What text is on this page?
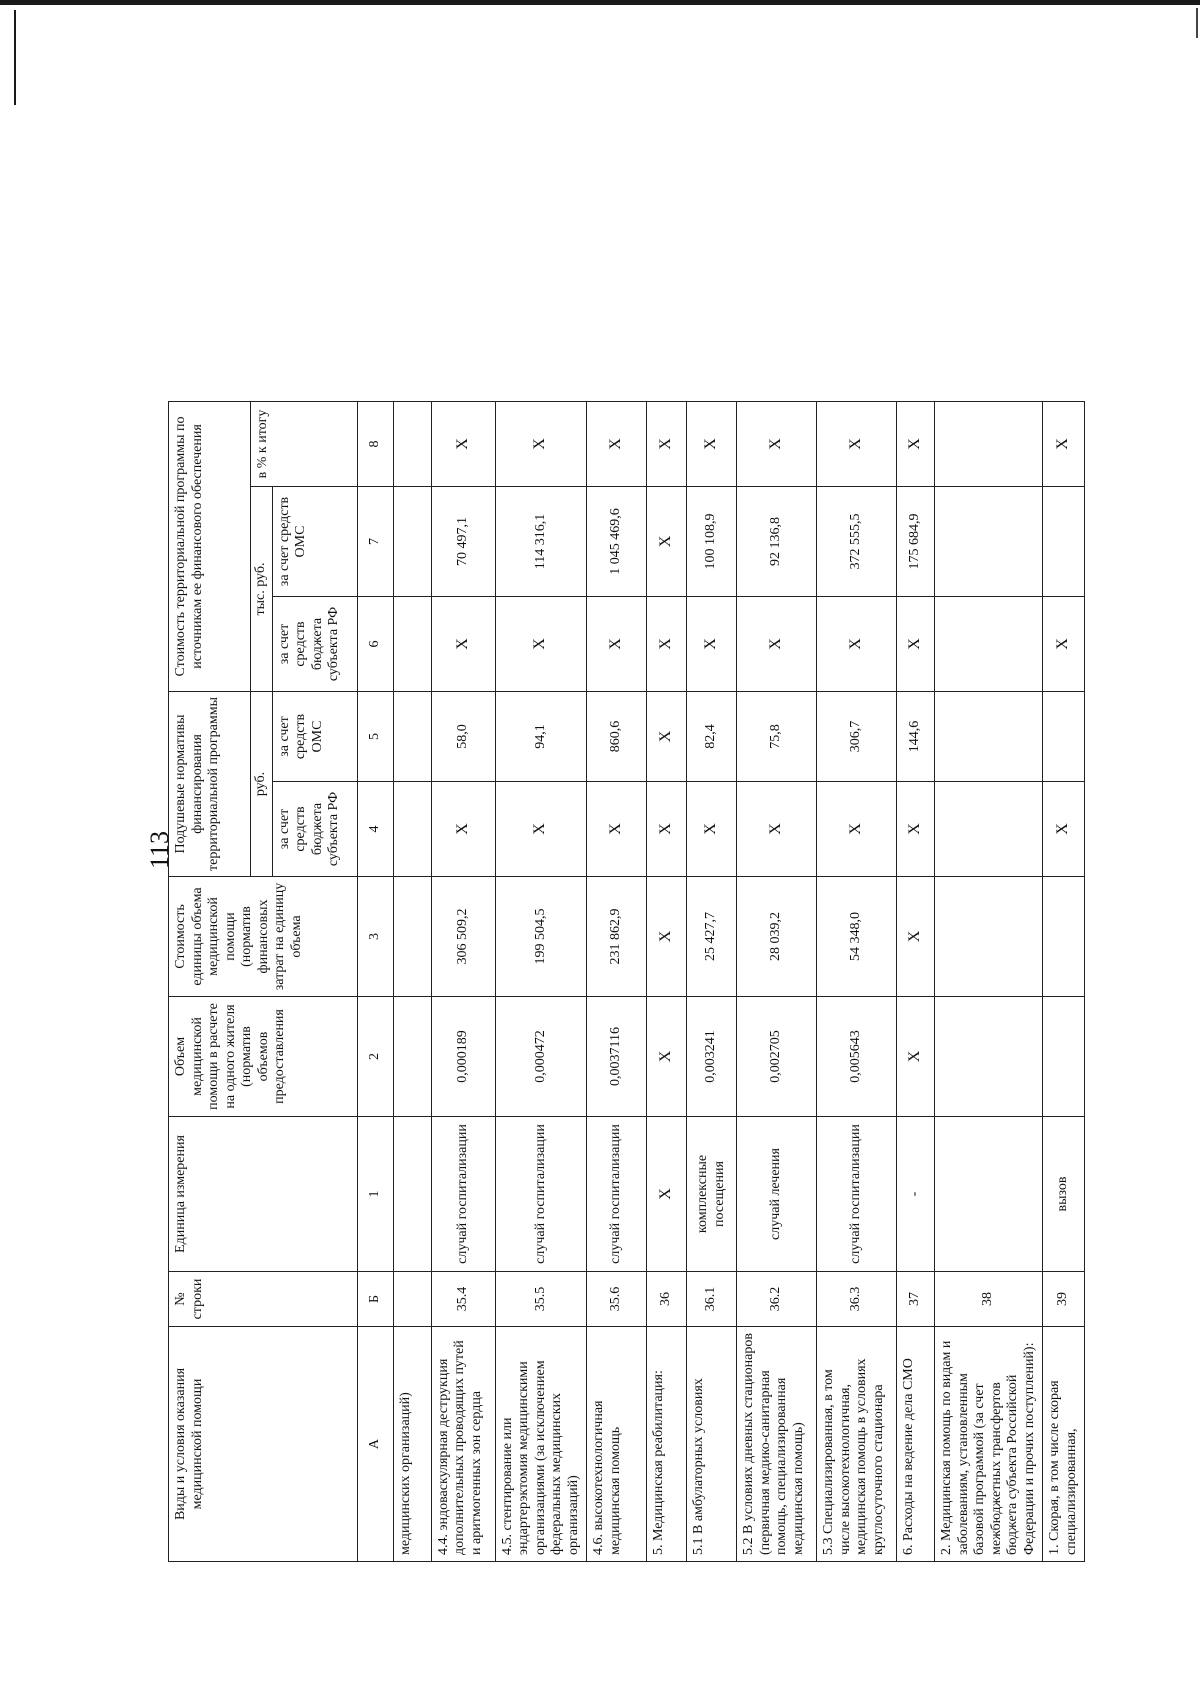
113
Виды и условия оказания медицинской помощи	№ строки	Единица измерения	Объем медицинской помощи в расчете на одного жителя (норматив объемов предоставления	Стоимость единицы объема медицинской помощи (норматив финансовых затрат на единицу объема	Подушевые нормативы финансирования территориальной программы		Стоимость территориальной программы по источникам ее финансового обеспечения			
					руб.		тыс. руб.		в % к итогу	
					за счет средств бюджета субъекта РФ	за счет средств ОМС	за счет средств бюджета субъекта РФ	за счет средств ОМС		
А	Б	1	2	3	4	5	6	7	8	
медицинских организаций)										
4.4. эндоваскулярная деструкция дополнительных проводящих путей и аритмогенных зон сердца	35.4	случай госпитализации	0,000189	306 509,2	X	58,0	X	70 497,1	X	
4.5. стентирование или эндартерэктомия медицинскими организациями (за исключением федеральных медицинских организаций)	35.5	случай госпитализации	0,000472	199 504,5	X	94,1	X	114 316,1	X	
4.6. высокотехнологичная медицинская помощь	35.6	случай госпитализации	0,0037116	231 862,9	X	860,6	X	1 045 469,6	X	
5. Медицинская реабилитация:	36	X	X	X	X	X	X	X	X	
5.1 В амбулаторных условиях	36.1	комплексные посещения	0,003241	25 427,7	X	82,4	X	100 108,9	X	
5.2 В условиях дневных стационаров (первичная медико-санитарная помощь, специализированная медицинская помощь)	36.2	случай лечения	0,002705	28 039,2	X	75,8	X	92 136,8	X	
5.3 Специализированная, в том числе высокотехнологичная, медицинская помощь в условиях круглосуточного стационара	36.3	случай госпитализации	0,005643	54 348,0	X	306,7	X	372 555,5	X	
6. Расходы на ведение дела СМО	37	-	X	X	X	144,6	X	175 684,9	X	
2. Медицинская помощь по видам и заболеваниям, установленным базовой программой (за счет межбюджетных трансфертов бюджета субъекта Российской Федерации и прочих поступлений):	38									
1. Скорая, в том числе скорая специализированная,	39	вызов			X		X		X	
